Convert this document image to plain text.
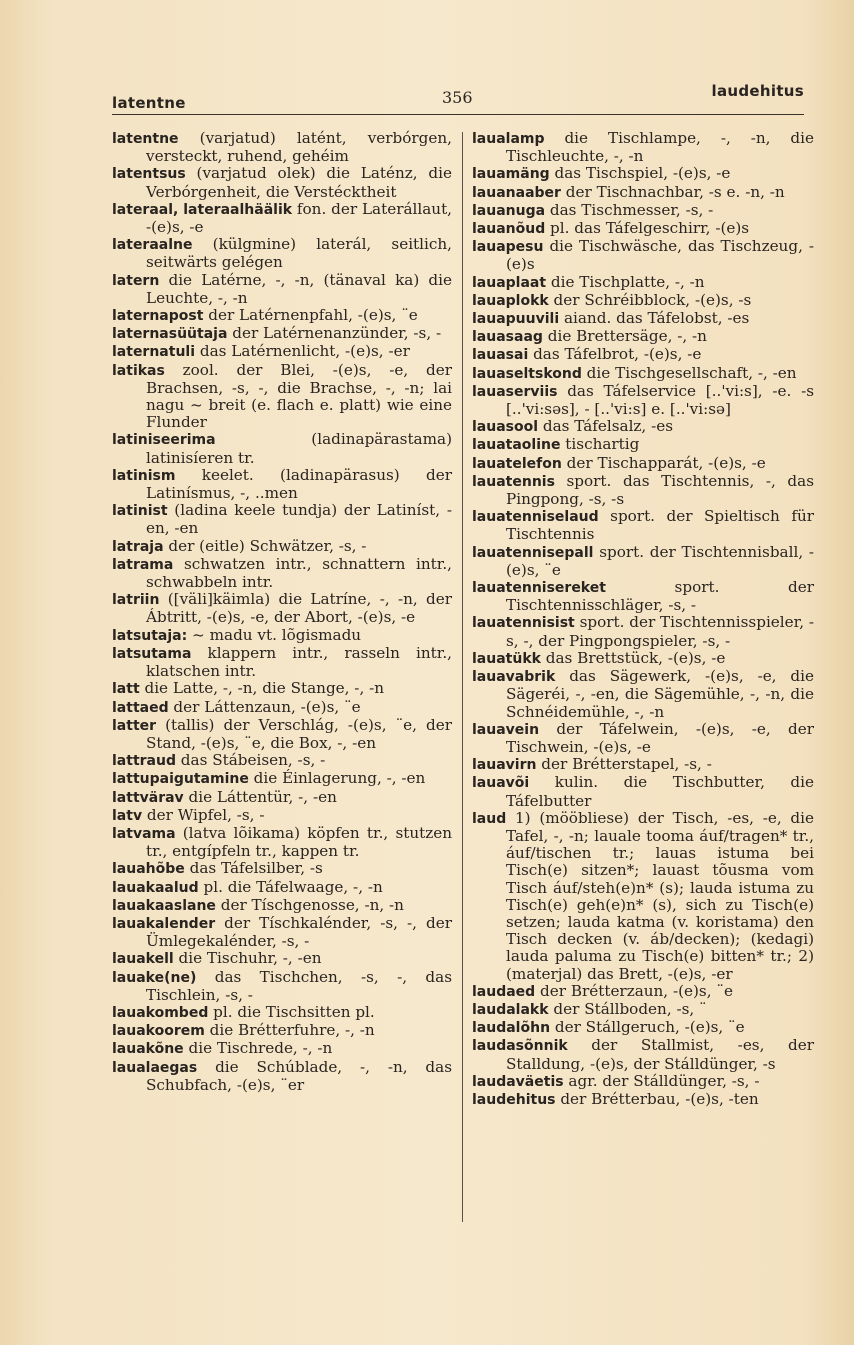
latentne	356	laudehitus

latentne (varjatud) latént, verbórgen, versteckt, ruhend, gehéim

latentsus (varjatud olek) die Laténz, die Verbórgenheit, die Verstécktheit

lateraal, lateraalhäälik fon. der Laterállaut, -(e)s, -e

lateraalne (külgmine) laterál, seitlich, seitwärts gelégen

latern die Latérne, -, -n, (tänaval ka) die Leuchte, -, -n

laternapost der Latérnenpfahl, -(e)s, ¨e

laternasüütaja der Latérnenanzünder, -s, -

laternatuli das Latérnenlicht, -(e)s, -er

latikas zool. der Blei, -(e)s, -e, der Brachsen, -s, -, die Brachse, -, -n; lai nagu ~ breit (e. flach e. platt) wie eine Flunder

latiniseerima (ladinapärastama) latinisíeren tr.

latinism keelet. (ladinapärasus) der Latinísmus, -, ..men

latinist (ladina keele tundja) der Latiníst, -en, -en

latraja der (eitle) Schwätzer, -s, -

latrama schwatzen intr., schnattern intr., schwabbeln intr.

latriin ([väli]käimla) die Latríne, -, -n, der Ábtritt, -(e)s, -e, der Abort, -(e)s, -e

latsutaja: ~ madu vt. lõgismadu

latsutama klappern intr., rasseln intr., klatschen intr.

latt die Latte, -, -n, die Stange, -, -n

lattaed der Láttenzaun, -(e)s, ¨e

latter (tallis) der Verschlág, -(e)s, ¨e, der Stand, -(e)s, ¨e, die Box, -, -en

lattraud das Stábeisen, -s, -

lattupaigutamine die Éinlagerung, -, -en

lattvärav die Láttentür, -, -en

latv der Wipfel, -s, -

latvama (latva lõikama) köpfen tr., stutzen tr., entgípfeln tr., kappen tr.

lauahõbe das Táfelsilber, -s

lauakaalud pl. die Táfelwaage, -, -n

lauakaaslane der Tíschgenosse, -n, -n

lauakalender der Tíschkalénder, -s, -, der Ümlegekalénder, -s, -

lauakell die Tischuhr, -, -en

lauake(ne) das Tischchen, -s, -, das Tischlein, -s, -

lauakombed pl. die Tischsitten pl.

lauakoorem die Brétterfuhre, -, -n

lauakõne die Tischrede, -, -n

laualaegas die Schúblade, -, -n, das Schubfach, -(e)s, ¨er

laualamp die Tischlampe, -, -n, die Tischleuchte, -, -n

lauamäng das Tischspiel, -(e)s, -e

lauanaaber der Tischnachbar, -s e. -n, -n

lauanuga das Tischmesser, -s, -

lauanõud pl. das Táfelgeschirr, -(e)s

lauapesu die Tischwäsche, das Tischzeug, -(e)s

lauaplaat die Tischplatte, -, -n

lauaplokk der Schréibblock, -(e)s, -s

lauapuuvili aiand. das Táfelobst, -es

lauasaag die Brettersäge, -, -n

lauasai das Táfelbrot, -(e)s, -e

lauaseltskond die Tischgesellschaft, -, -en

lauaserviis das Táfelservice [..'vi:s], -e. -s [..'vi:səs], - [..'vi:s] e. [..'vi:sə]

lauasool das Táfelsalz, -es

lauataoline tischartig

lauatelefon der Tischapparát, -(e)s, -e

lauatennis sport. das Tischtennis, -, das Pingpong, -s, -s

lauatenniselaud sport. der Spieltisch für Tischtennis

lauatennisepall sport. der Tischtennisball, -(e)s, ¨e

lauatennisereket sport. der Tischtennisschläger, -s, -

lauatennisist sport. der Tischtennisspieler, -s, -, der Pingpongspieler, -s, -

lauatükk das Brettstück, -(e)s, -e

lauavabrik das Sägewerk, -(e)s, -e, die Sägeréi, -, -en, die Sägemühle, -, -n, die Schnéidemühle, -, -n

lauavein der Táfelwein, -(e)s, -e, der Tischwein, -(e)s, -e

lauavirn der Brétterstapel, -s, -

lauavõi kulin. die Tischbutter, die Táfelbutter

laud 1) (mööbliese) der Tisch, -es, -e, die Tafel, -, -n; lauale tooma áuf/tragen* tr., áuf/tischen tr.; lauas istuma bei Tisch(e) sitzen*; lauast tõusma vom Tisch áuf/steh(e)n* (s); lauda istuma zu Tisch(e) geh(e)n* (s), sich zu Tisch(e) setzen; lauda katma (v. koristama) den Tisch decken (v. áb/decken); (kedagi) lauda paluma zu Tisch(e) bitten* tr.; 2) (materjal) das Brett, -(e)s, -er

laudaed der Brétterzaun, -(e)s, ¨e

laudalakk der Stállboden, -s, ¨

laudalõhn der Stállgeruch, -(e)s, ¨e

laudasõnnik der Stallmist, -es, der Stalldung, -(e)s, der Stálldünger, -s

laudaväetis agr. der Stálldünger, -s, -

laudehitus der Brétterbau, -(e)s, -ten
